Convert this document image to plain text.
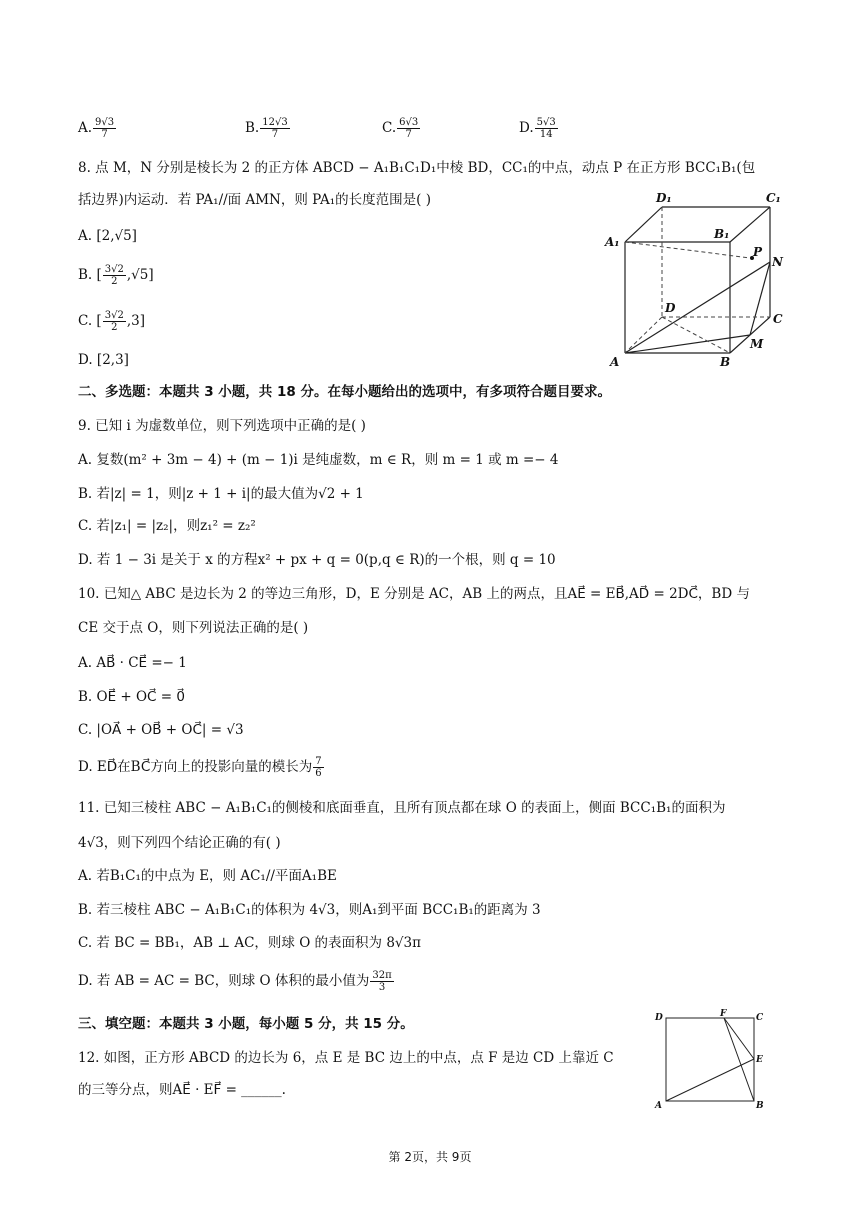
A. $\frac{9√3}{7}$	B. $\frac{12√3}{7}$	C. $\frac{6√3}{7}$	D. $\frac{5√3}{14}$
8. 点 M，N 分别是棱长为 2 的正方体 ABCD − A₁B₁C₁D₁中棱 BD，CC₁的中点，动点 P 在正方形 BCC₁B₁(包
括边界)内运动．若 PA₁//面 AMN，则 PA₁的长度范围是( )
A. [2,√5]
B. [ $\frac{3√2}{2} ,√5$]
C. [ $\frac{3√2}{2} ,3$]
D. [2,3]
D₁	C₁
A₁
B₁
P
N
D
C
A	B
M
二、多选题：本题共 3 小题，共 18 分。在每小题给出的选项中，有多项符合题目要求。
9. 已知 i 为虚数单位，则下列选项中正确的是( )
A. 复数(m² + 3m − 4) + (m − 1)i 是纯虚数，m ∈ R，则 m = 1 或 m =− 4
B. 若|z| = 1，则|z + 1 + i|的最大值为√2 + 1
C. 若|z₁| = |z₂|，则z₁² = z₂²
D. 若 1 − 3i 是关于 x 的方程x² + px + q = 0(p,q ∈ R)的一个根，则 q = 10
10. 已知△ ABC 是边长为 2 的等边三角形，D，E 分别是 AC，AB 上的两点，且AE⃗ = EB⃗,AD⃗ = 2DC⃗，BD 与
CE 交于点 O，则下列说法正确的是( )
A. AB⃗ · CE⃗ =− 1
B. OE⃗ + OC⃗ = 0⃗
C. |OA⃗ + OB⃗ + OC⃗| = √3
D. ED⃗在BC⃗方向上的投影向量的模长为 $\frac{7}{6}$
11. 已知三棱柱 ABC − A₁B₁C₁的侧棱和底面垂直，且所有顶点都在球 O 的表面上，侧面 BCC₁B₁的面积为
4√3，则下列四个结论正确的有( )
A. 若B₁C₁的中点为 E，则 AC₁//平面A₁BE
B. 若三棱柱 ABC − A₁B₁C₁的体积为 4√3，则A₁到平面 BCC₁B₁的距离为 3
C. 若 BC = BB₁，AB ⊥ AC，则球 O 的表面积为 8√3π
D. 若 AB = AC = BC，则球 O 体积的最小值为 $\frac{32\pi}{3}$
三、填空题：本题共 3 小题，每小题 5 分，共 15 分。
12. 如图，正方形 ABCD 的边长为 6，点 E 是 BC 边上的中点，点 F 是边 CD 上靠近 C
的三等分点，则AE⃗ · EF⃗ = ______.
D	F	C
E
A	B
第 2页，共 9页
